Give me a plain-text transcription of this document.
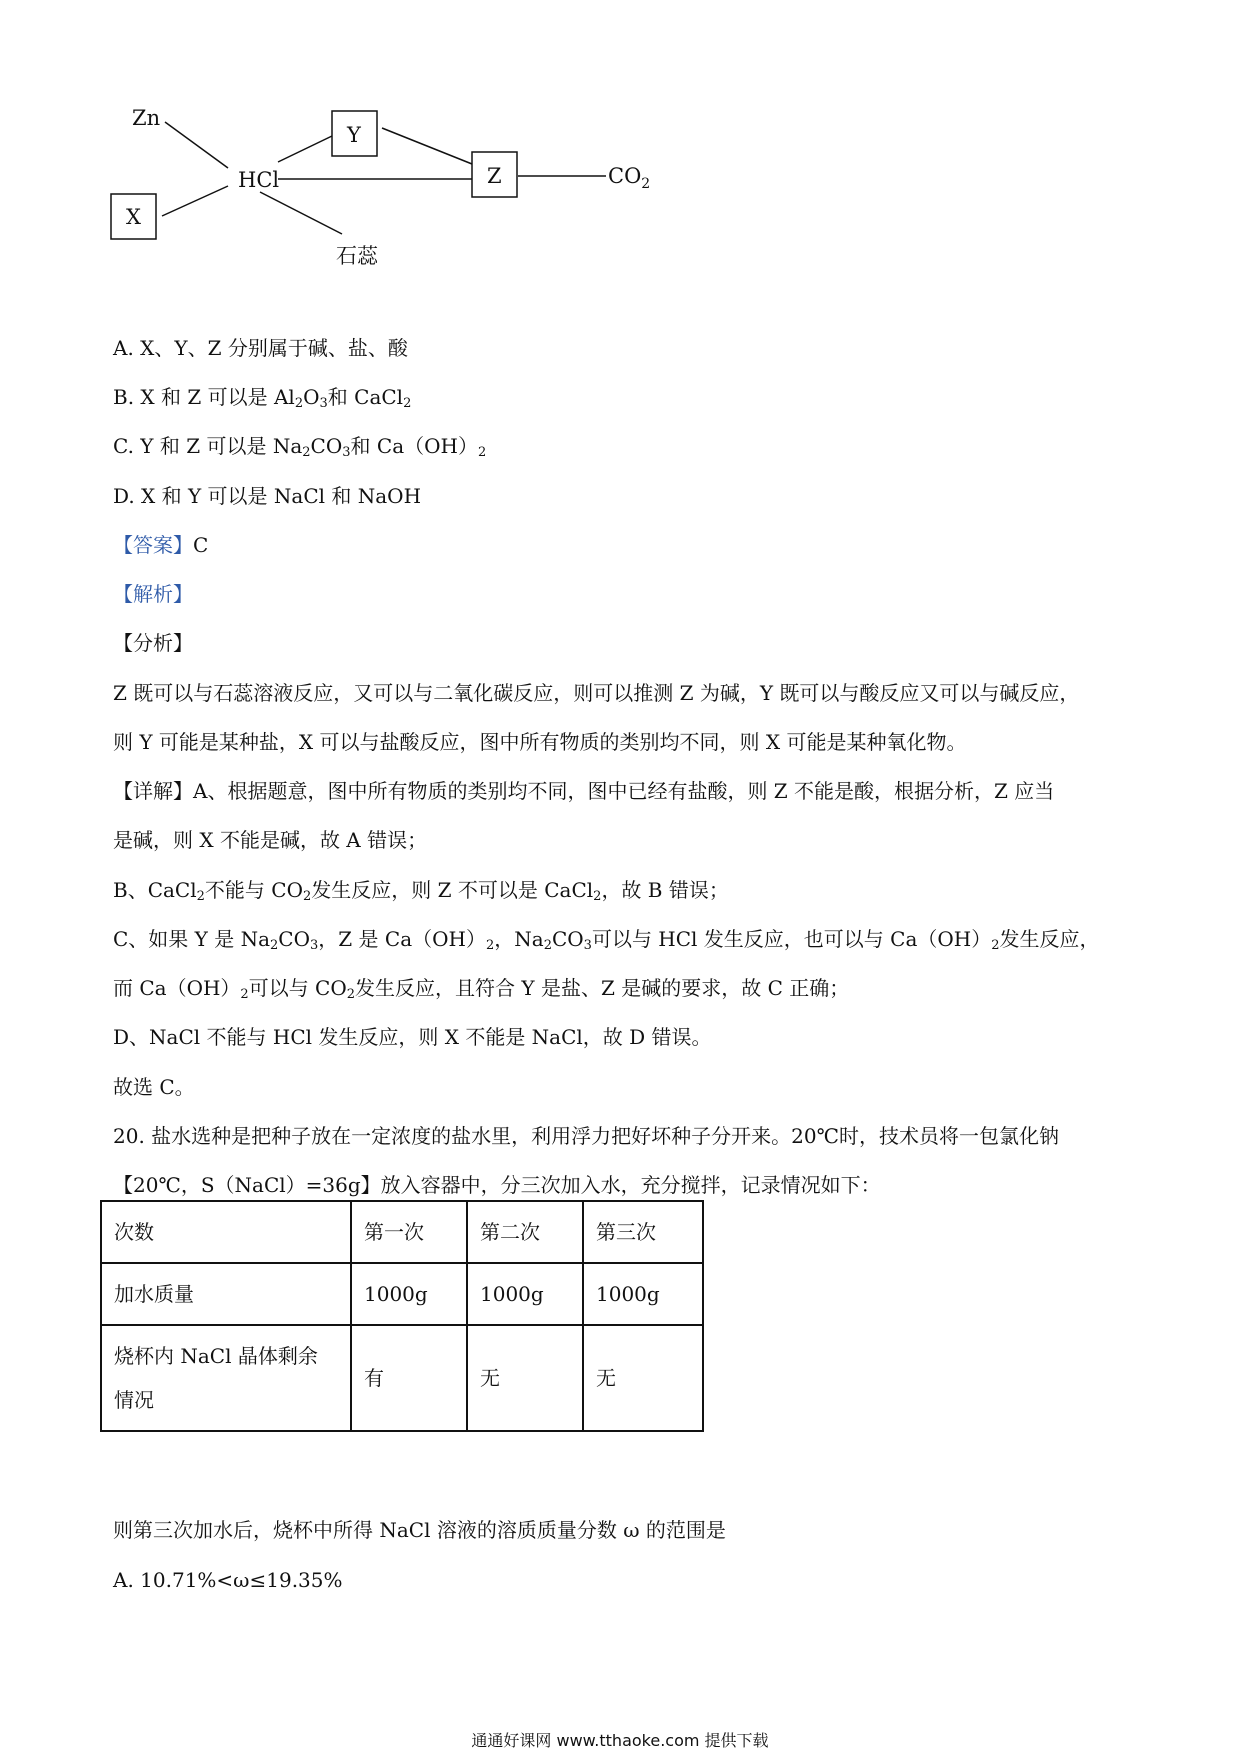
Zn
X
HCl
Y
Z	$CO_2$
石蕊
A. X、Y、Z 分别属于碱、盐、酸
B. X 和 Z 可以是 $Al_2O_3$和 CaCl$_2$
C. Y 和 Z 可以是 $Na_2CO_3$和 $Ca(OH)_2$
D. X 和 Y 可以是 NaCl 和 NaOH
【答案】C
【解析】
【分析】
Z 既可以与石蕊溶液反应，又可以与二氧化碳反应，则可以推测 Z 为碱，Y 既可以与酸反应又可以与碱反应，
则 Y 可能是某种盐，X 可以与盐酸反应，图中所有物质的类别均不同，则 X 可能是某种氧化物。
【详解】A、根据题意，图中所有物质的类别均不同，图中已经有盐酸，则 Z 不能是酸，根据分析，Z 应当
是碱，则 X 不能是碱，故 A 错误；
B、CaCl$_2$不能与 $CO_2$发生反应，则 Z 不可以是 CaCl$_2$，故 B 错误；
C、如果 Y 是 $Na_2CO_3$，Z 是 $Ca(OH)_2$，$Na_2CO_3$可以与 HCl 发生反应，也可以与 $Ca(OH)_2$发生反应，
而 $Ca(OH)_2$可以与 $CO_2$发生反应，且符合 Y 是盐、Z 是碱的要求，故 C 正确；
D、NaCl 不能与 HCl 发生反应，则 X 不能是 NaCl，故 D 错误。
故选 C。
20. 盐水选种是把种子放在一定浓度的盐水里，利用浮力把好坏种子分开来。20℃时，技术员将一包氯化钠
【20℃，S（NaCl）=36g】放入容器中，分三次加入水，充分搅拌，记录情况如下：
次数	第一次	第二次	第三次
加水质量	1000g	1000g	1000g
烧杯内 NaCl 晶体剩余
情况	有	无	无
则第三次加水后，烧杯中所得 NaCl 溶液的溶质质量分数 ω 的范围是
A. 10.71%<ω≤19.35%
通通好课网 www.tthaoke.com 提供下载
